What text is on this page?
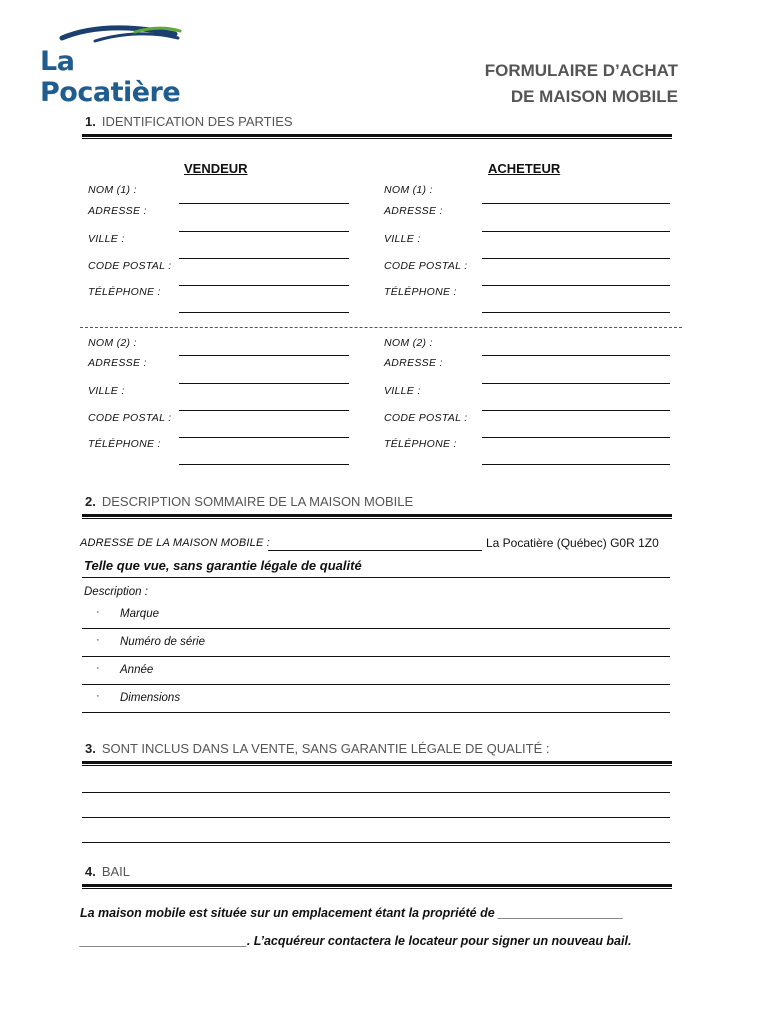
La Pocatière
FORMULAIRE D’ACHAT
DE MAISON MOBILE
1. IDENTIFICATION DES PARTIES
VENDEUR	ACHETEUR
NOM (1) :
ADRESSE :
VILLE :
CODE POSTAL :
TÉLÉPHONE :
NOM (1) :
ADRESSE :
VILLE :
CODE POSTAL :
TÉLÉPHONE :
NOM (2) :
ADRESSE :
VILLE :
CODE POSTAL :
TÉLÉPHONE :
NOM (2) :
ADRESSE :
VILLE :
CODE POSTAL :
TÉLÉPHONE :
2. DESCRIPTION SOMMAIRE DE LA MAISON MOBILE
ADRESSE DE LA MAISON MOBILE :	La Pocatière (Québec) G0R 1Z0
Telle que vue, sans garantie légale de qualité
Description :
· Marque
· Numéro de série
· Année
· Dimensions
3. SONT INCLUS DANS LA VENTE, SANS GARANTIE LÉGALE DE QUALITÉ :
4. BAIL
La maison mobile est située sur un emplacement étant la propriété de __________________
________________________. L’acquéreur contactera le locateur pour signer un nouveau bail.
